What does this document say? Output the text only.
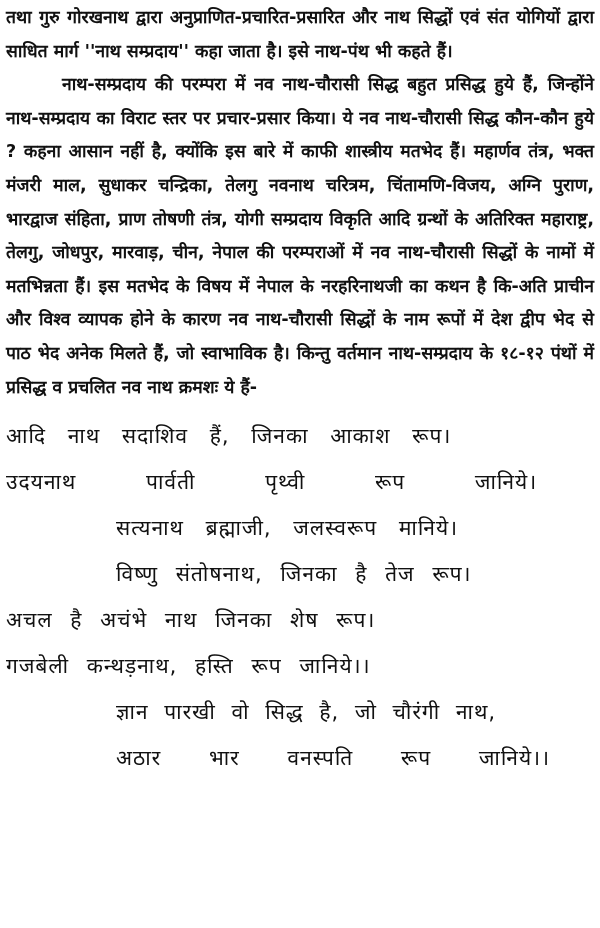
तथा गुरु गोरखनाथ द्वारा अनुप्राणित-प्रचारित-प्रसारित और नाथ सिद्धों एवं संत योगियों द्वारा साधित मार्ग ''नाथ सम्प्रदाय'' कहा जाता है। इसे नाथ-पंथ भी कहते हैं।

नाथ-सम्प्रदाय की परम्परा में नव नाथ-चौरासी सिद्ध बहुत प्रसिद्ध हुये हैं, जिन्होंने नाथ-सम्प्रदाय का विराट स्तर पर प्रचार-प्रसार किया। ये नव नाथ-चौरासी सिद्ध कौन-कौन हुये ? कहना आसान नहीं है, क्योंकि इस बारे में काफी शास्त्रीय मतभेद हैं। महार्णव तंत्र, भक्त मंजरी माल, सुधाकर चन्द्रिका, तेलगु नवनाथ चरित्रम, चिंतामणि-विजय, अग्नि पुराण, भारद्वाज संहिता, प्राण तोषणी तंत्र, योगी सम्प्रदाय विकृति आदि ग्रन्थों के अतिरिक्त महाराष्ट्र, तेलगु, जोधपुर, मारवाड़, चीन, नेपाल की परम्पराओं में नव नाथ-चौरासी सिद्धों के नामों में मतभिन्नता हैं। इस मतभेद के विषय में नेपाल के नरहरिनाथजी का कथन है कि-अति प्राचीन और विश्व व्यापक होने के कारण नव नाथ-चौरासी सिद्धों के नाम रूपों में देश द्वीप भेद से पाठ भेद अनेक मिलते हैं, जो स्वाभाविक है। किन्तु वर्तमान नाथ-सम्प्रदाय के १८-१२ पंथों में प्रसिद्ध व प्रचलित नव नाथ क्रमशः ये हैं-

आदि नाथ सदाशिव हैं, जिनका आकाश रूप।
उदयनाथ पार्वती पृथ्वी रूप जानिये।
सत्यनाथ ब्रह्माजी, जलस्वरूप मानिये।
विष्णु संतोषनाथ, जिनका है तेज रूप।
अचल है अचंभे नाथ जिनका शेष रूप।
गजबेली कन्थड़नाथ, हस्ति रूप जानिये।।
ज्ञान पारखी वो सिद्ध है, जो चौरंगी नाथ,
अठार भार वनस्पति रूप जानिये।।
